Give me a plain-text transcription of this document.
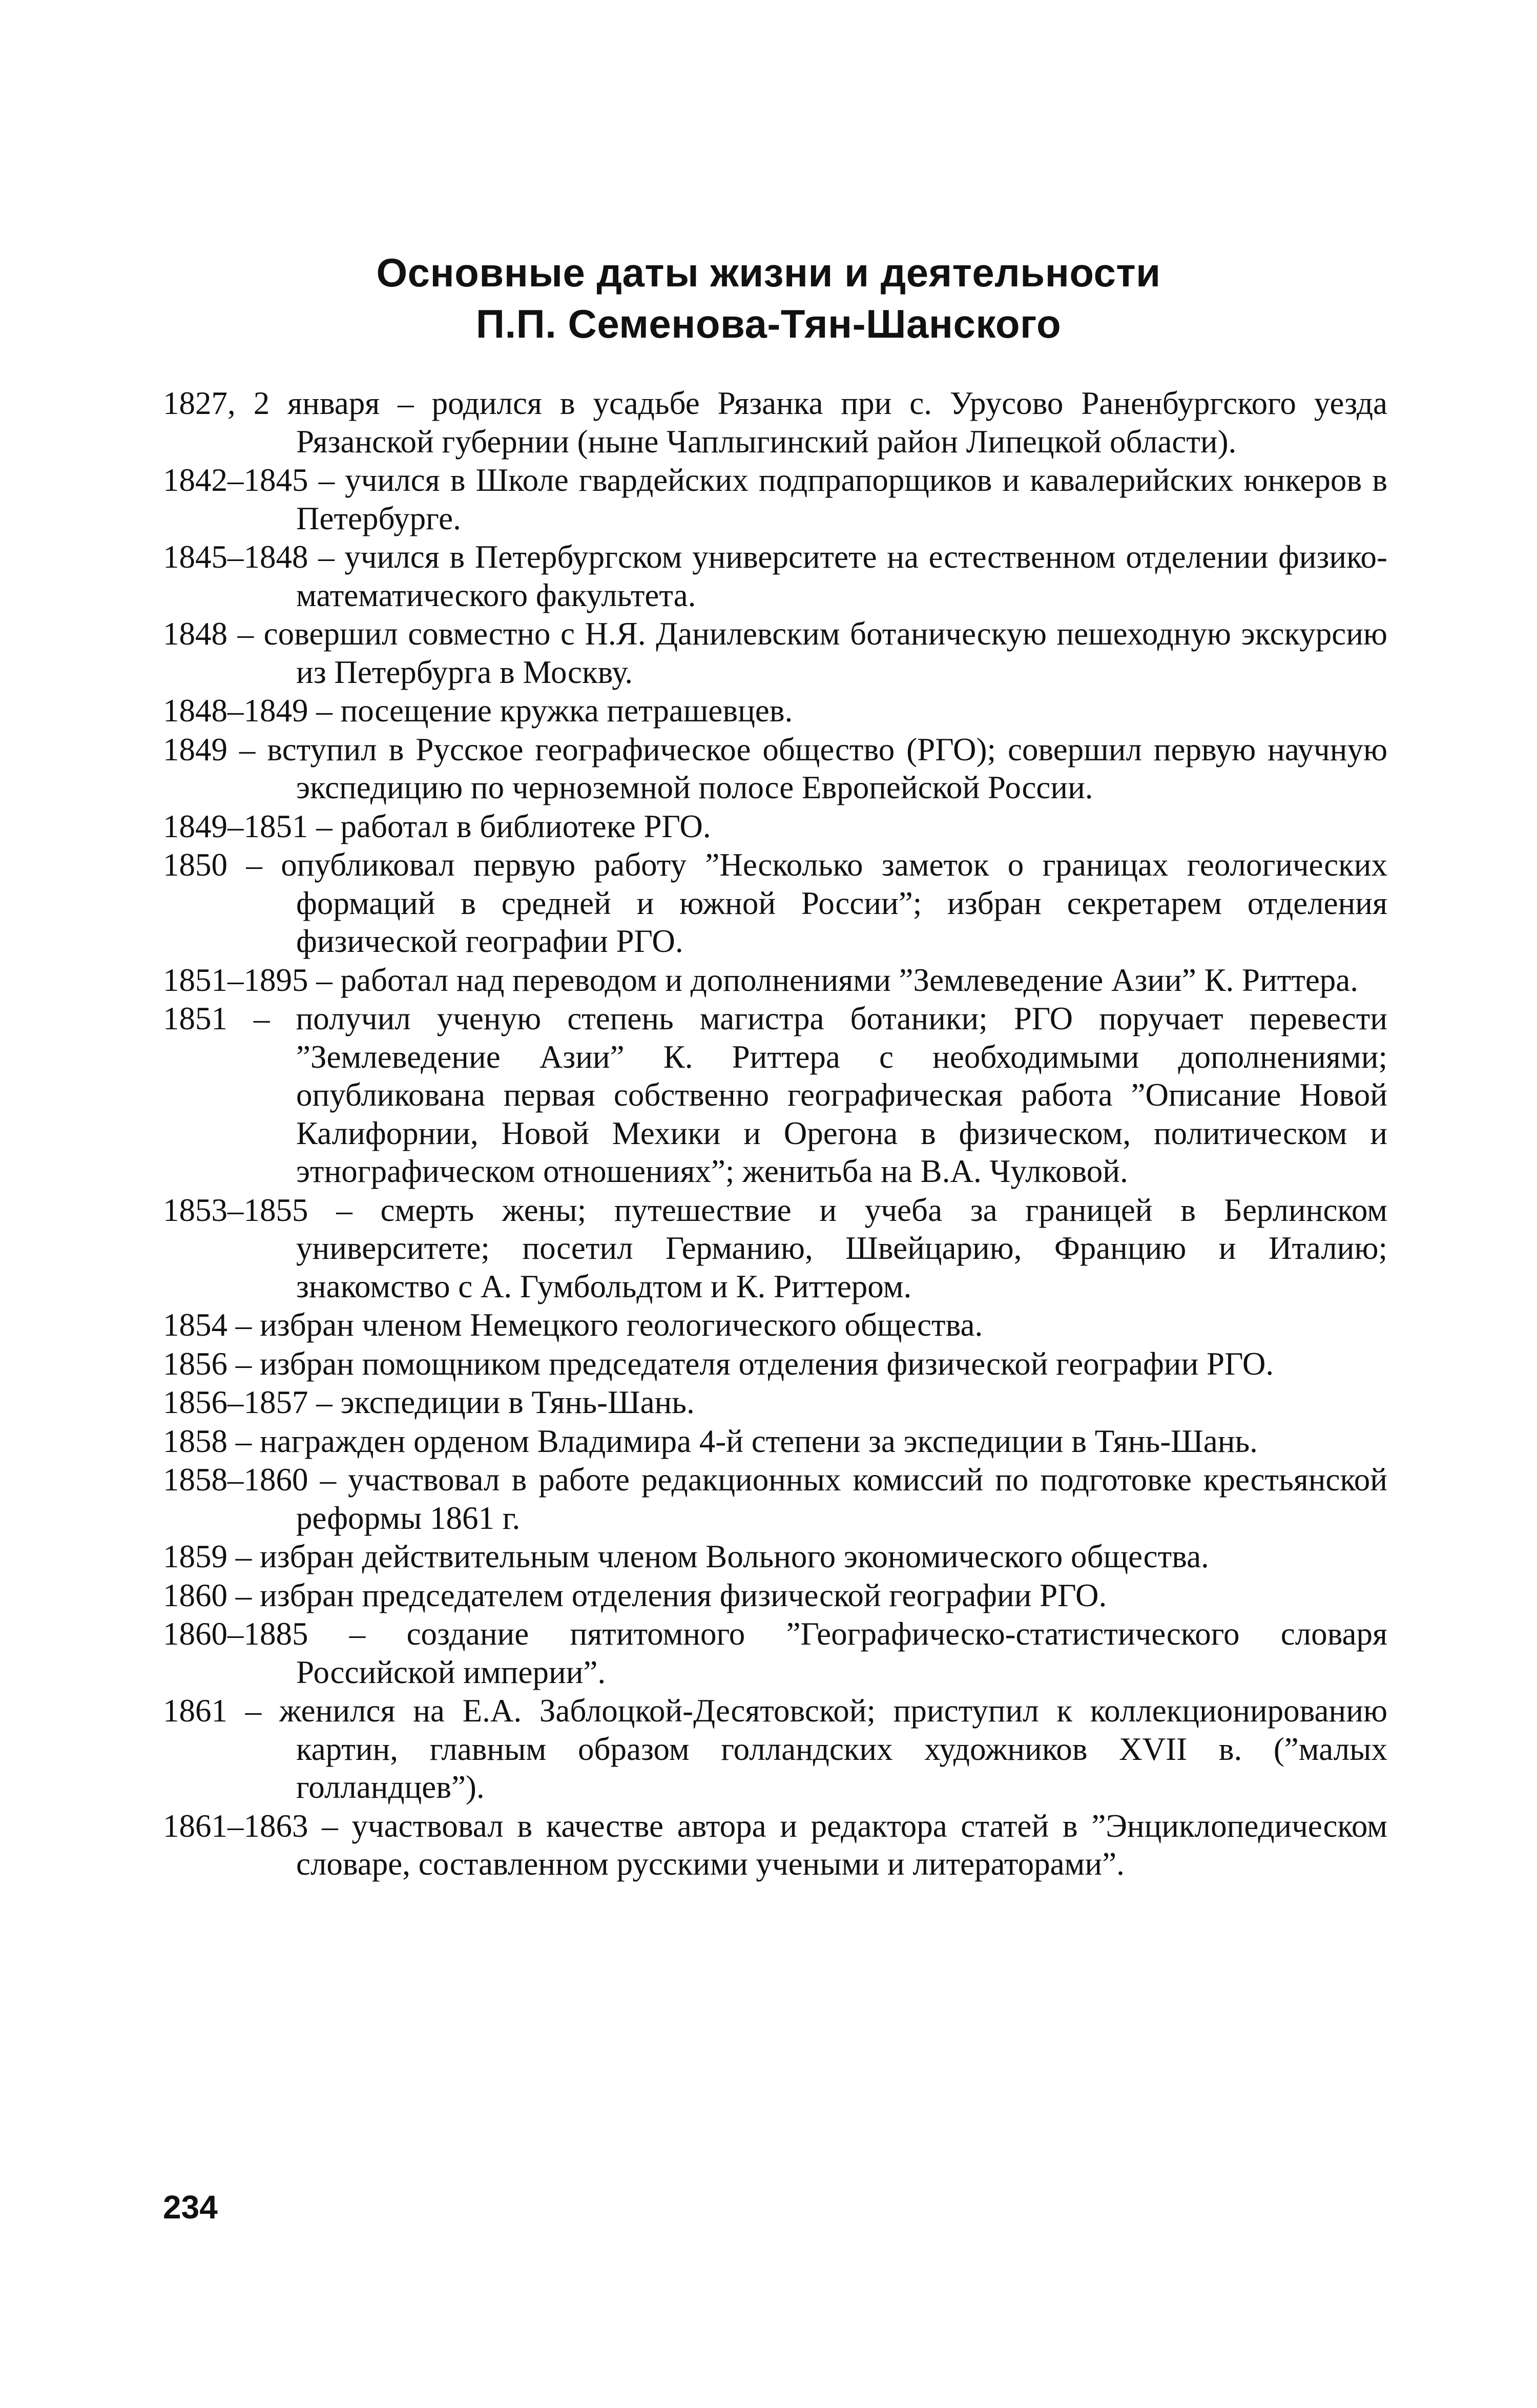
Основные даты жизни и деятельности
П.П. Семенова-Тян-Шанского

1827, 2 января – родился в усадьбе Рязанка при с. Урусово Раненбургского уезда Рязанской губернии (ныне Чаплыгинский район Липецкой области).

1842–1845 – учился в Школе гвардейских подпрапорщиков и кавалерийских юнкеров в Петербурге.

1845–1848 – учился в Петербургском университете на естественном отделении физико-математического факультета.

1848 – совершил совместно с Н.Я. Данилевским ботаническую пешеходную экскурсию из Петербурга в Москву.

1848–1849 – посещение кружка петрашевцев.

1849 – вступил в Русское географическое общество (РГО); совершил первую научную экспедицию по черноземной полосе Европейской России.

1849–1851 – работал в библиотеке РГО.

1850 – опубликовал первую работу ”Несколько заметок о границах геологических формаций в средней и южной России”; избран секретарем отделения физической географии РГО.

1851–1895 – работал над переводом и дополнениями ”Землеведение Азии” К. Риттера.

1851 – получил ученую степень магистра ботаники; РГО поручает перевести ”Землеведение Азии” К. Риттера с необходимыми дополнениями; опубликована первая собственно географическая работа ”Описание Новой Калифорнии, Новой Мехики и Орегона в физическом, политическом и этнографическом отношениях”; женитьба на В.А. Чулковой.

1853–1855 – смерть жены; путешествие и учеба за границей в Берлинском университете; посетил Германию, Швейцарию, Францию и Италию; знакомство с А. Гумбольдтом и К. Риттером.

1854 – избран членом Немецкого геологического общества.

1856 – избран помощником председателя отделения физической географии РГО.

1856–1857 – экспедиции в Тянь-Шань.

1858 – награжден орденом Владимира 4-й степени за экспедиции в Тянь-Шань.

1858–1860 – участвовал в работе редакционных комиссий по подготовке крестьянской реформы 1861 г.

1859 – избран действительным членом Вольного экономического общества.

1860 – избран председателем отделения физической географии РГО.

1860–1885 – создание пятитомного ”Географическо-статистического словаря Российской империи”.

1861 – женился на Е.А. Заблоцкой-Десятовской; приступил к коллекционированию картин, главным образом голландских художников XVII в. (”малых голландцев”).

1861–1863 – участвовал в качестве автора и редактора статей в ”Энциклопедическом словаре, составленном русскими учеными и литераторами”.

234
